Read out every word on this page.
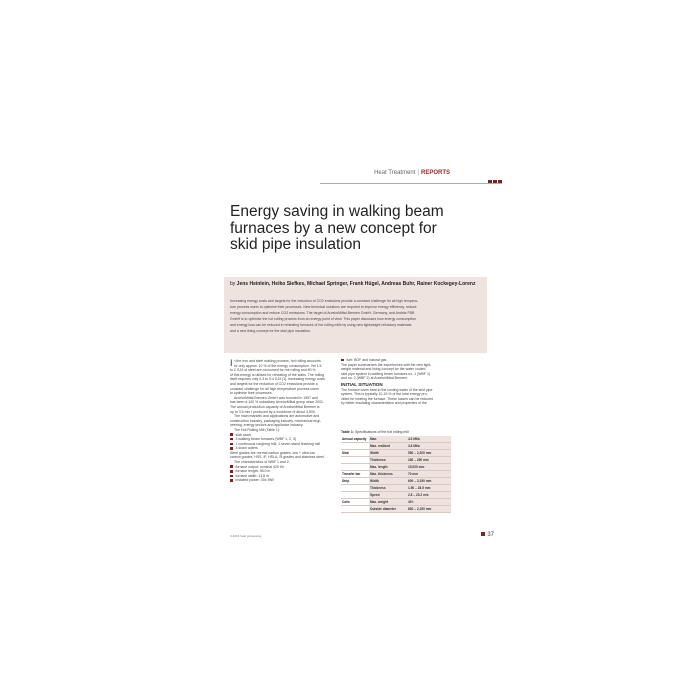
Heat Treatment | REPORTS
Energy saving in walking beam
furnaces by a new concept for
skid pipe insulation
by Jens Heinlein, Heiko Siefkes, Michael Springer, Frank Hügel, Andreas Buhr, Rainer Kockegey-Lorenz
Increasing energy costs and targets for the reduction of CO2 emissions provide a constant challenge for all high tempera-
ture process users to optimise their processes. New technical solutions are required to improve energy efficiency, reduce
energy consumption and reduce CO2 emissions. The target of ArcelorMittal Bremen GmbH, Germany, and Andritz FBB
GmbH is to optimise the hot rolling process from an energy point of view. This paper discusses how energy consumption
and energy loss can be reduced in reheating furnaces of hot rolling mills by using new lightweight refractory materials
and a new lining concept for the skid pipe insulation.
I n the iron and steel making process, hot rolling accounts
for only approx. 10 % of the energy consumption. Yet 1.5
to 2 GJ/t of steel are consumed for hot rolling and 80 %
of this energy is utilised for reheating of the slabs. The rolling
itself requires only 0.3 to 0.4 GJ/t [1]. Increasing energy costs
and targets for the reduction of CO2 emissions provide a
constant challenge for all high temperature process users
to optimise their processes.
ArcelorMittal Bremen GmbH was founded in 1957 and
has been a 100 % subsidiary ArcelorMittal group since 2001.
The annual production capacity of ArcelorMittal Bremen is
up to 3.6 mio t produced by a workforce of about 3,500.
The main markets and applications are automotive and
construction industry, packaging industry, mechanical engi-
neering, energy sectors and appliance industry.
The Hot Rolling Mill (Table 1):
slab stock
3 walking beam furnaces (WBF 1, 2, 3)
1 continuous roughing mill, 1 seven stand finishing mill
3 down coilers
Steel grades are normal carbon grades, low + ultra low
carbon grades, HSS, IF, HSLA, Si grades and stainless steel.
The characteristics of WBF 1 and 2:
furnace output: nominal 420 t/h
furnace length: 38.0 m
furnace width: 13.8 m
installed power: 304 MW
fuel: BOF and natural gas
The paper summarises the experiences with the new light-
weight material and lining concept for the water cooled
skid pipe system in walking beam furnaces no. 1 (WBF 1)
and no. 2 (WBF 2) at ArcelorMittal Bremen.
INITIAL SITUATION
The furnace loses heat to the cooling water of the skid pipe
system. This is typically 10-15 % of the total energy pro-
vided for heating the furnace. These losses can be reduced
by better insulating characteristics and properties of the
Table 1: Specifications of the hot rolling mill
Annual capacity	Max.	4.0 Mt/a
	Max. realised	3.6 Mt/a
Slab	Width	550 – 2,200 mm
	Thickness	180 – 250 mm
	Max. length	15,000 mm
Transfer bar	Max. thickness	70 mm
Strip	Width	600 – 2,150 mm
	Thickness	1.50 – 28.5 mm
	Speed	2.8 – 23.2 m/s
Coils	Max. weight	45 t
	Outside diameter	800 – 2,150 mm
3-2016 heat processing	37
